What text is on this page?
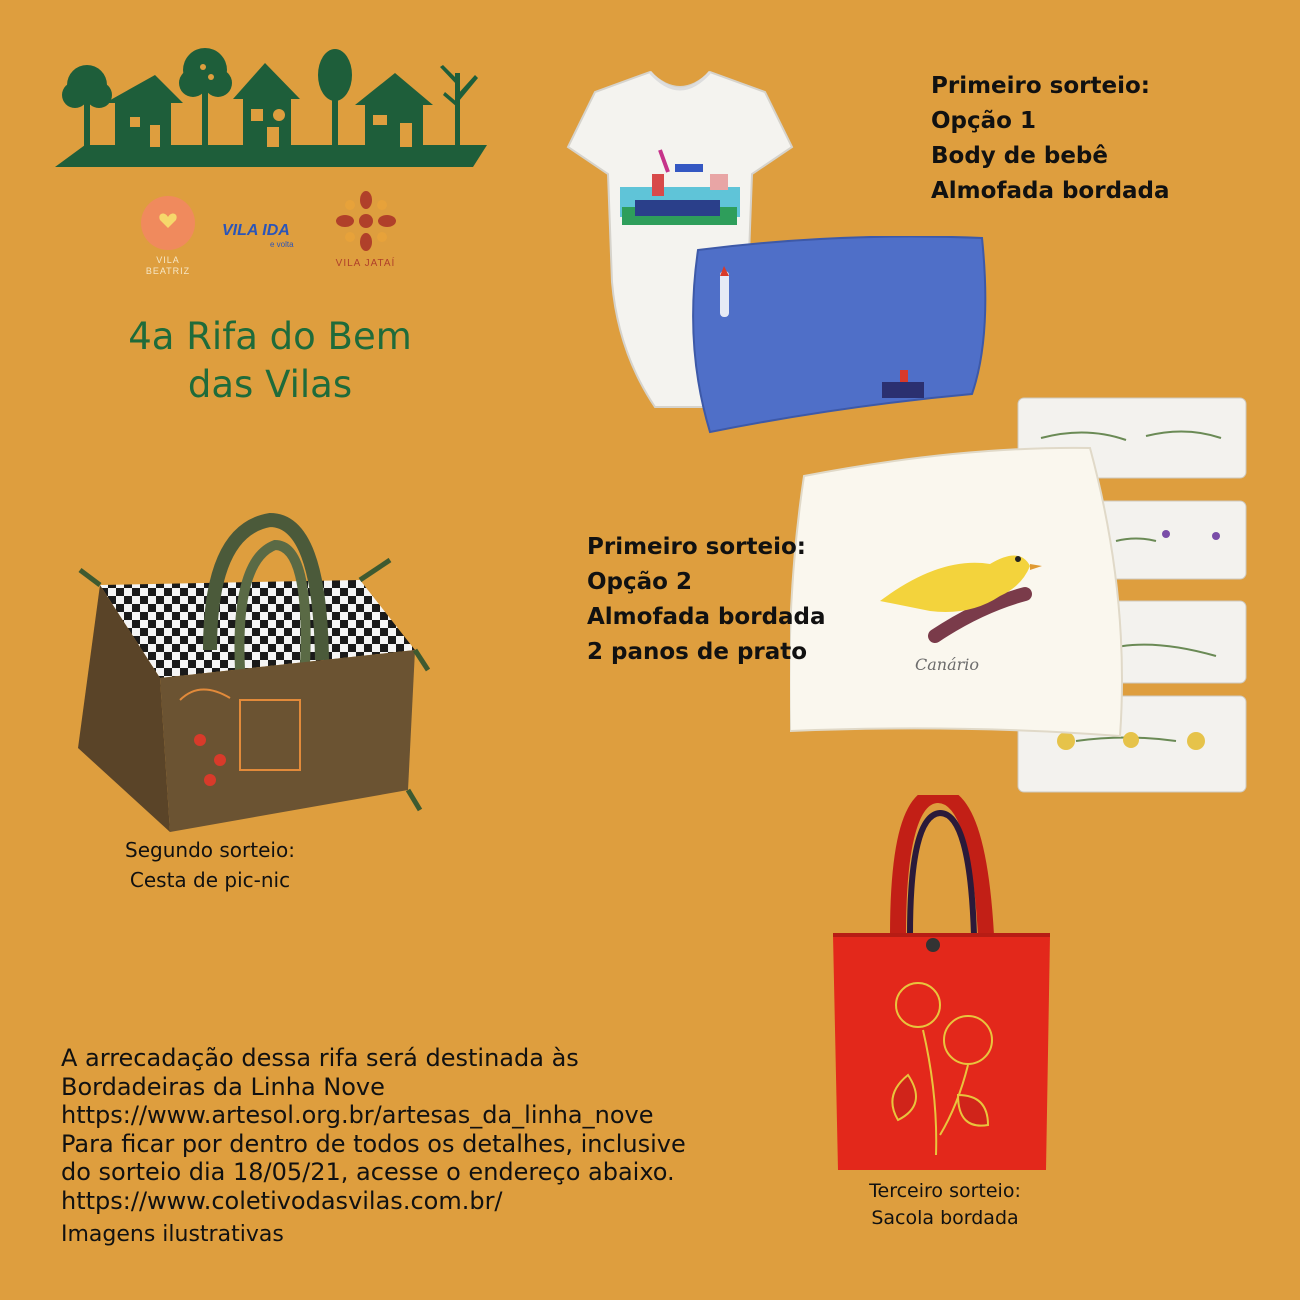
VILA
BEATRIZ
VILA IDA
e volta
VILA JATAÍ
4a Rifa do Bem
das Vilas
Primeiro sorteio:
Opção 1
Body de bebê
Almofada bordada
Canário
Primeiro sorteio:
Opção 2
Almofada bordada
2 panos de prato
Segundo sorteio:
Cesta de pic-nic
Terceiro sorteio:
Sacola bordada
A arrecadação dessa rifa será destinada às
Bordadeiras da Linha Nove
https://www.artesol.org.br/artesas_da_linha_nove
Para ficar por dentro de todos os detalhes, inclusive
do sorteio dia 18/05/21, acesse o endereço abaixo.
https://www.coletivodasvilas.com.br/
Imagens ilustrativas
